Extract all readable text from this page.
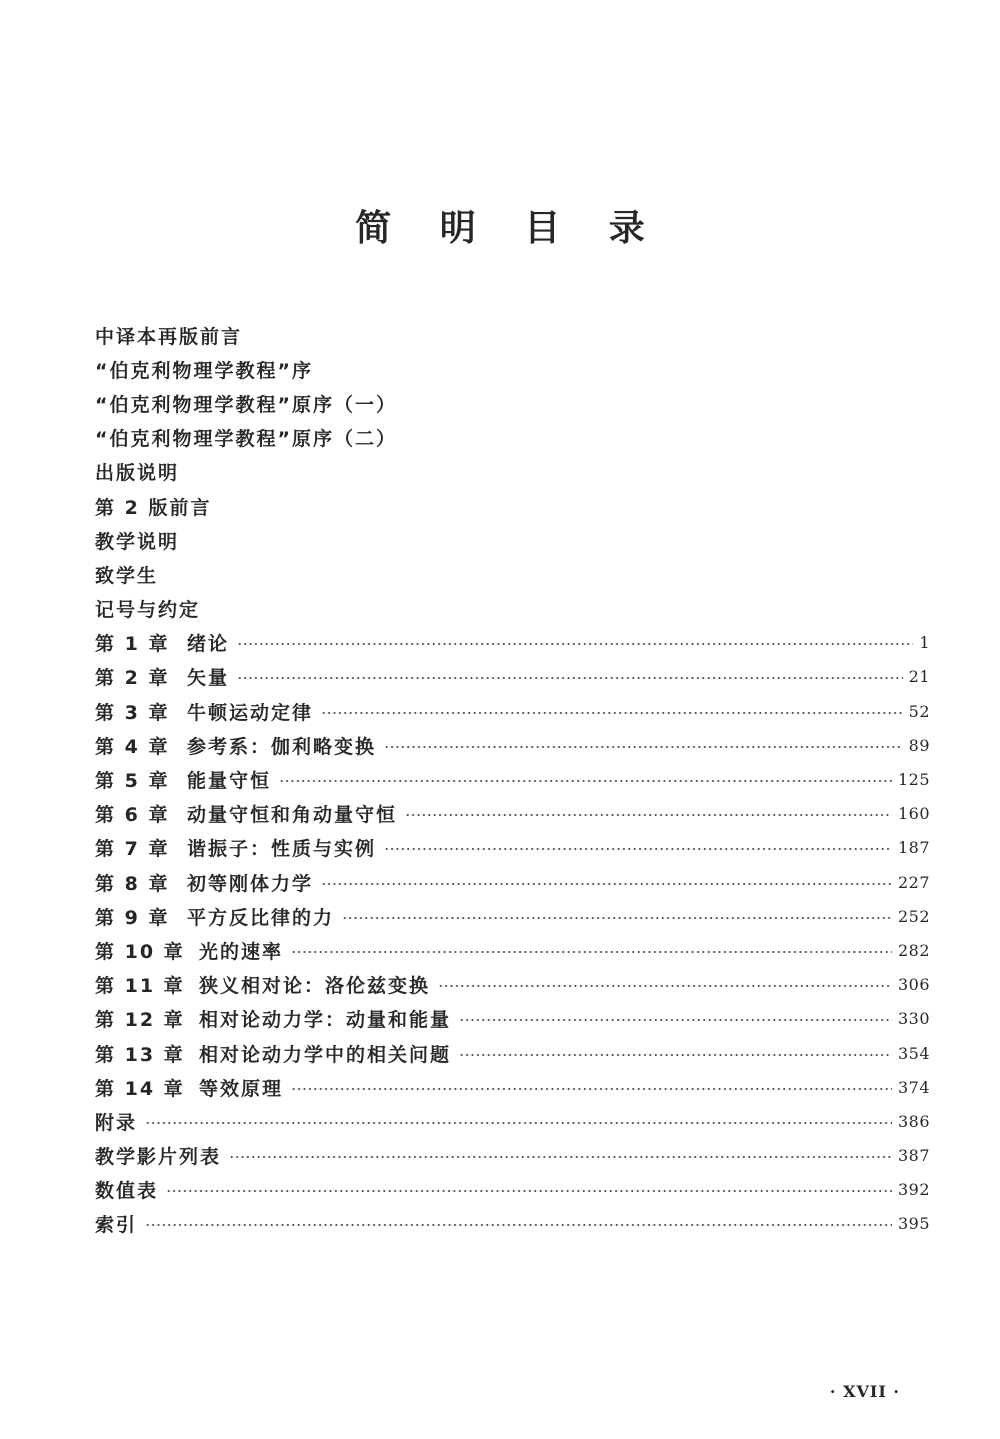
简 明 目 录
中译本再版前言
“伯克利物理学教程”序
“伯克利物理学教程”原序（一）
“伯克利物理学教程”原序（二）
出版说明
第 2 版前言
教学说明
致学生
记号与约定
第 1 章 绪论	1
第 2 章 矢量	21
第 3 章 牛顿运动定律	52
第 4 章 参考系：伽利略变换	89
第 5 章 能量守恒	125
第 6 章 动量守恒和角动量守恒	160
第 7 章 谐振子：性质与实例	187
第 8 章 初等刚体力学	227
第 9 章 平方反比律的力	252
第 10 章 光的速率	282
第 11 章 狭义相对论：洛伦兹变换	306
第 12 章 相对论动力学：动量和能量	330
第 13 章 相对论动力学中的相关问题	354
第 14 章 等效原理	374
附录	386
教学影片列表	387
数值表	392
索引	395
· XVII ·
